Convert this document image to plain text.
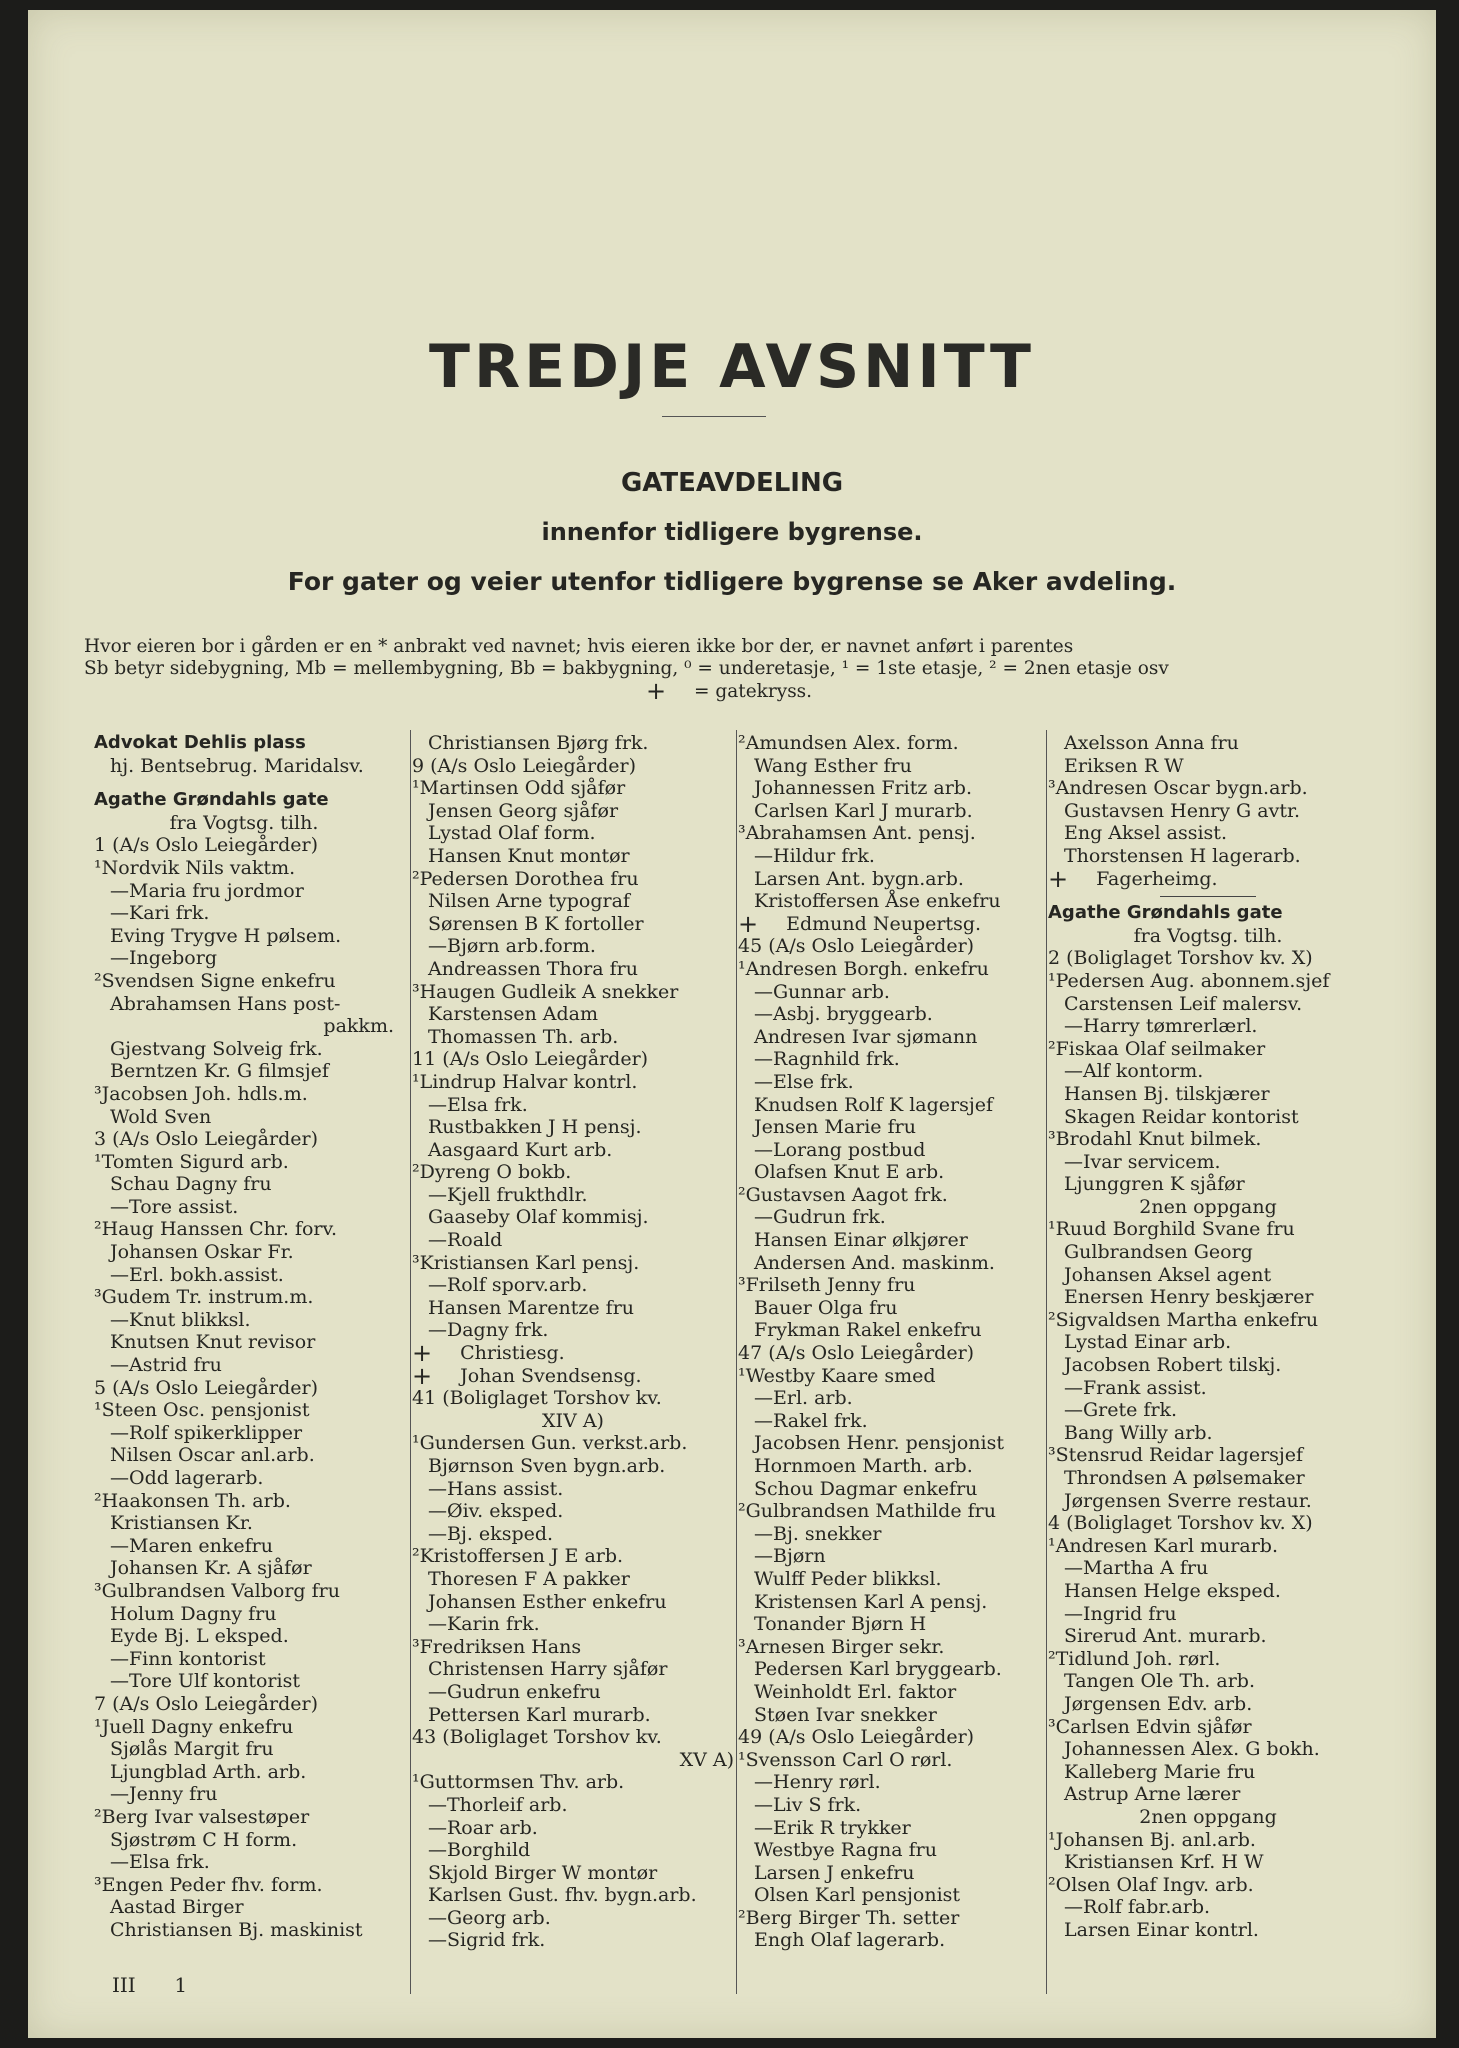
TREDJE AVSNITT
GATEAVDELING
innenfor tidligere bygrense.
For gater og veier utenfor tidligere bygrense se Aker avdeling.
Hvor eieren bor i gården er en * anbrakt ved navnet; hvis eieren ikke bor der, er navnet anført i parentes
Sb betyr sidebygning, Mb = mellembygning, Bb = bakbygning, ⁰ = underetasje, ¹ = 1ste etasje, ² = 2nen etasje osv
+ = gatekryss.
Advokat Dehlis plass
hj. Bentsebrug. Maridalsv.
Agathe Grøndahls gate
fra Vogtsg. tilh.
1 (A/s Oslo Leiegårder)
¹Nordvik Nils vaktm.
—Maria fru jordmor
—Kari frk.
Eving Trygve H pølsem.
—Ingeborg
²Svendsen Signe enkefru
Abrahamsen Hans post-
pakkm.
Gjestvang Solveig frk.
Berntzen Kr. G filmsjef
³Jacobsen Joh. hdls.m.
Wold Sven
3 (A/s Oslo Leiegårder)
¹Tomten Sigurd arb.
Schau Dagny fru
—Tore assist.
²Haug Hanssen Chr. forv.
Johansen Oskar Fr.
—Erl. bokh.assist.
³Gudem Tr. instrum.m.
—Knut blikksl.
Knutsen Knut revisor
—Astrid fru
5 (A/s Oslo Leiegårder)
¹Steen Osc. pensjonist
—Rolf spikerklipper
Nilsen Oscar anl.arb.
—Odd lagerarb.
²Haakonsen Th. arb.
Kristiansen Kr.
—Maren enkefru
Johansen Kr. A sjåfør
³Gulbrandsen Valborg fru
Holum Dagny fru
Eyde Bj. L eksped.
—Finn kontorist
—Tore Ulf kontorist
7 (A/s Oslo Leiegårder)
¹Juell Dagny enkefru
Sjølås Margit fru
Ljungblad Arth. arb.
—Jenny fru
²Berg Ivar valsestøper
Sjøstrøm C H form.
—Elsa frk.
³Engen Peder fhv. form.
Aastad Birger
Christiansen Bj. maskinist
Christiansen Bjørg frk.
9 (A/s Oslo Leiegårder)
¹Martinsen Odd sjåfør
Jensen Georg sjåfør
Lystad Olaf form.
Hansen Knut montør
²Pedersen Dorothea fru
Nilsen Arne typograf
Sørensen B K fortoller
—Bjørn arb.form.
Andreassen Thora fru
³Haugen Gudleik A snekker
Karstensen Adam
Thomassen Th. arb.
11 (A/s Oslo Leiegårder)
¹Lindrup Halvar kontrl.
—Elsa frk.
Rustbakken J H pensj.
Aasgaard Kurt arb.
²Dyreng O bokb.
—Kjell frukthdlr.
Gaaseby Olaf kommisj.
—Roald
³Kristiansen Karl pensj.
—Rolf sporv.arb.
Hansen Marentze fru
—Dagny frk.
+ Christiesg.
+ Johan Svendsensg.
41 (Boliglaget Torshov kv.
XIV A)
¹Gundersen Gun. verkst.arb.
Bjørnson Sven bygn.arb.
—Hans assist.
—Øiv. eksped.
—Bj. eksped.
²Kristoffersen J E arb.
Thoresen F A pakker
Johansen Esther enkefru
—Karin frk.
³Fredriksen Hans
Christensen Harry sjåfør
—Gudrun enkefru
Pettersen Karl murarb.
43 (Boliglaget Torshov kv.
XV A)
¹Guttormsen Thv. arb.
—Thorleif arb.
—Roar arb.
—Borghild
Skjold Birger W montør
Karlsen Gust. fhv. bygn.arb.
—Georg arb.
—Sigrid frk.
²Amundsen Alex. form.
Wang Esther fru
Johannessen Fritz arb.
Carlsen Karl J murarb.
³Abrahamsen Ant. pensj.
—Hildur frk.
Larsen Ant. bygn.arb.
Kristoffersen Åse enkefru
+ Edmund Neupertsg.
45 (A/s Oslo Leiegårder)
¹Andresen Borgh. enkefru
—Gunnar arb.
—Asbj. bryggearb.
Andresen Ivar sjømann
—Ragnhild frk.
—Else frk.
Knudsen Rolf K lagersjef
Jensen Marie fru
—Lorang postbud
Olafsen Knut E arb.
²Gustavsen Aagot frk.
—Gudrun frk.
Hansen Einar ølkjører
Andersen And. maskinm.
³Frilseth Jenny fru
Bauer Olga fru
Frykman Rakel enkefru
47 (A/s Oslo Leiegårder)
¹Westby Kaare smed
—Erl. arb.
—Rakel frk.
Jacobsen Henr. pensjonist
Hornmoen Marth. arb.
Schou Dagmar enkefru
²Gulbrandsen Mathilde fru
—Bj. snekker
—Bjørn
Wulff Peder blikksl.
Kristensen Karl A pensj.
Tonander Bjørn H
³Arnesen Birger sekr.
Pedersen Karl bryggearb.
Weinholdt Erl. faktor
Støen Ivar snekker
49 (A/s Oslo Leiegårder)
¹Svensson Carl O rørl.
—Henry rørl.
—Liv S frk.
—Erik R trykker
Westbye Ragna fru
Larsen J enkefru
Olsen Karl pensjonist
²Berg Birger Th. setter
Engh Olaf lagerarb.
Axelsson Anna fru
Eriksen R W
³Andresen Oscar bygn.arb.
Gustavsen Henry G avtr.
Eng Aksel assist.
Thorstensen H lagerarb.
+ Fagerheimg.
Agathe Grøndahls gate
fra Vogtsg. tilh.
2 (Boliglaget Torshov kv. X)
¹Pedersen Aug. abonnem.sjef
Carstensen Leif malersv.
—Harry tømrerlærl.
²Fiskaa Olaf seilmaker
—Alf kontorm.
Hansen Bj. tilskjærer
Skagen Reidar kontorist
³Brodahl Knut bilmek.
—Ivar servicem.
Ljunggren K sjåfør
2nen oppgang
¹Ruud Borghild Svane fru
Gulbrandsen Georg
Johansen Aksel agent
Enersen Henry beskjærer
²Sigvaldsen Martha enkefru
Lystad Einar arb.
Jacobsen Robert tilskj.
—Frank assist.
—Grete frk.
Bang Willy arb.
³Stensrud Reidar lagersjef
Throndsen A pølsemaker
Jørgensen Sverre restaur.
4 (Boliglaget Torshov kv. X)
¹Andresen Karl murarb.
—Martha A fru
Hansen Helge eksped.
—Ingrid fru
Sirerud Ant. murarb.
²Tidlund Joh. rørl.
Tangen Ole Th. arb.
Jørgensen Edv. arb.
³Carlsen Edvin sjåfør
Johannessen Alex. G bokh.
Kalleberg Marie fru
Astrup Arne lærer
2nen oppgang
¹Johansen Bj. anl.arb.
Kristiansen Krf. H W
²Olsen Olaf Ingv. arb.
—Rolf fabr.arb.
Larsen Einar kontrl.
III 1
